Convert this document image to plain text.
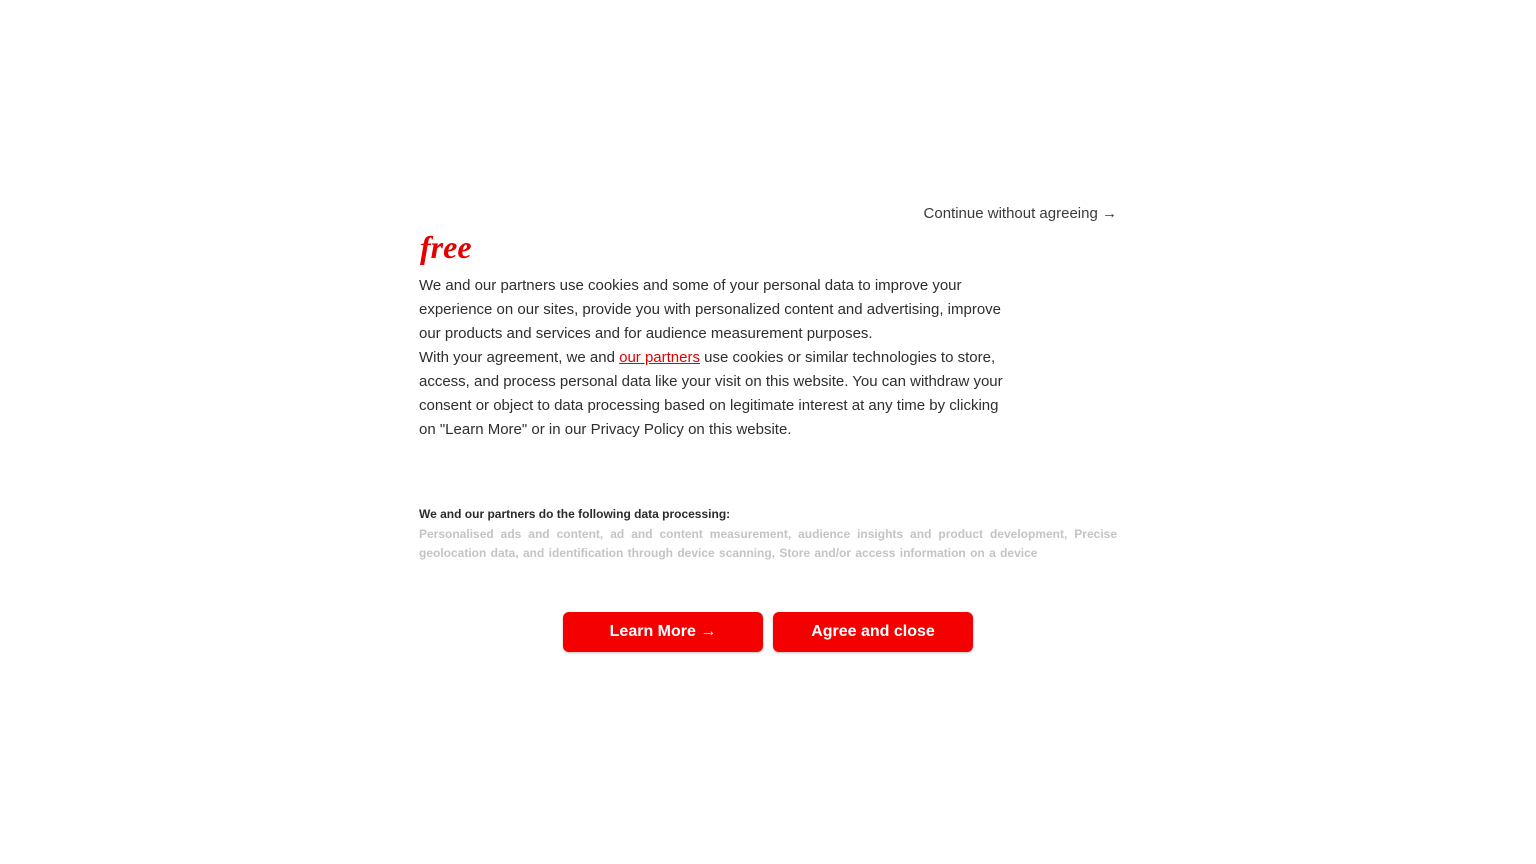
Continue without agreeing →
free

We and our partners use cookies and some of your personal data to improve your experience on our sites, provide you with personalized content and advertising, improve our products and services and for audience measurement purposes.

With your agreement, we and our partners use cookies or similar technologies to store, access, and process personal data like your visit on this website. You can withdraw your consent or object to data processing based on legitimate interest at any time by clicking on "Learn More" or in our Privacy Policy on this website.

We and our partners do the following data processing:
Personalised ads and content, ad and content measurement, audience insights and product development, Precise geolocation data, and identification through device scanning, Store and/or access information on a device
Learn More →	Agree and close
